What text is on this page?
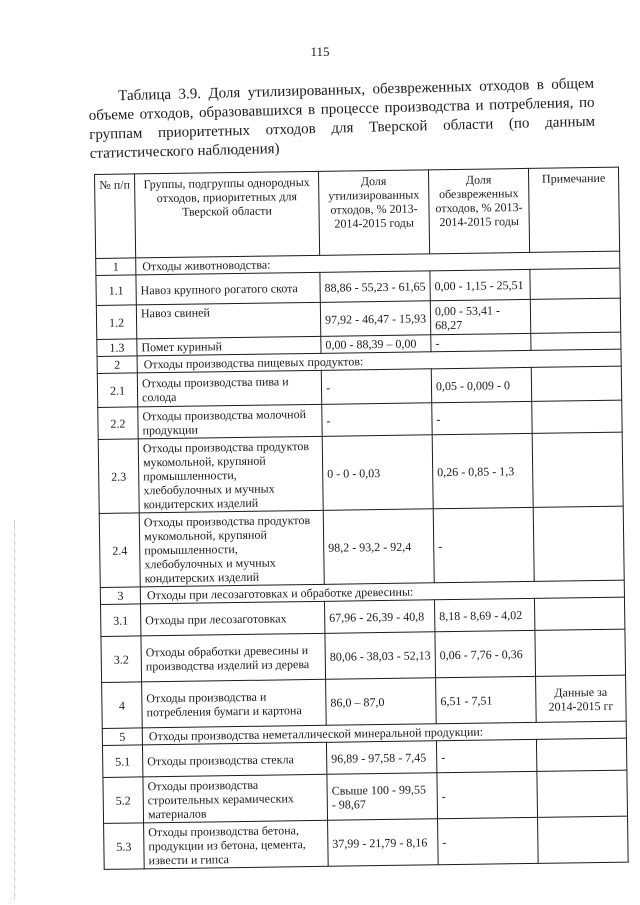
115

Таблица 3.9. Доля утилизированных, обезвреженных отходов в общем объеме отходов, образовавшихся в процессе производства и потребления, по группам приоритетных отходов для Тверской области (по данным статистического наблюдения)

№ п/п	Группы, подгруппы однородных отходов, приоритетных для Тверской области	Доля утилизированных отходов, % 2013-2014-2015 годы	Доля обезвреженных отходов, % 2013-2014-2015 годы	Примечание
1	Отходы животноводства:			
1.1	Навоз крупного рогатого скота	88,86 - 55,23 - 61,65	0,00 - 1,15 - 25,51	
1.2	Навоз свиней	97,92 - 46,47 - 15,93	0,00 - 53,41 - 68,27	
1.3	Помет куриный	0,00 - 88,39 – 0,00	-	
2	Отходы производства пищевых продуктов:			
2.1	Отходы производства пива и солода	-	0,05 - 0,009 - 0	
2.2	Отходы производства молочной продукции	-	-	
2.3	Отходы производства продуктов мукомольной, крупяной промышленности, хлебобулочных и мучных кондитерских изделий	0 - 0 - 0,03	0,26 - 0,85 - 1,3	
2.4	Отходы производства продуктов мукомольной, крупяной промышленности, хлебобулочных и мучных кондитерских изделий	98,2 - 93,2 - 92,4	-	
3	Отходы при лесозаготовках и обработке древесины:			
3.1	Отходы при лесозаготовках	67,96 - 26,39 - 40,8	8,18 - 8,69 - 4,02	
3.2	Отходы обработки древесины и производства изделий из дерева	80,06 - 38,03 - 52,13	0,06 - 7,76 - 0,36	
4	Отходы производства и потребления бумаги и картона	86,0 – 87,0	6,51 - 7,51	Данные за 2014-2015 гг
5	Отходы производства неметаллической минеральной продукции:			
5.1	Отходы производства стекла	96,89 - 97,58 - 7,45	-	
5.2	Отходы производства строительных керамических материалов	Свыше 100 - 99,55 - 98,67	-	
5.3	Отходы производства бетона, продукции из бетона, цемента, извести и гипса	37,99 - 21,79 - 8,16	-	
